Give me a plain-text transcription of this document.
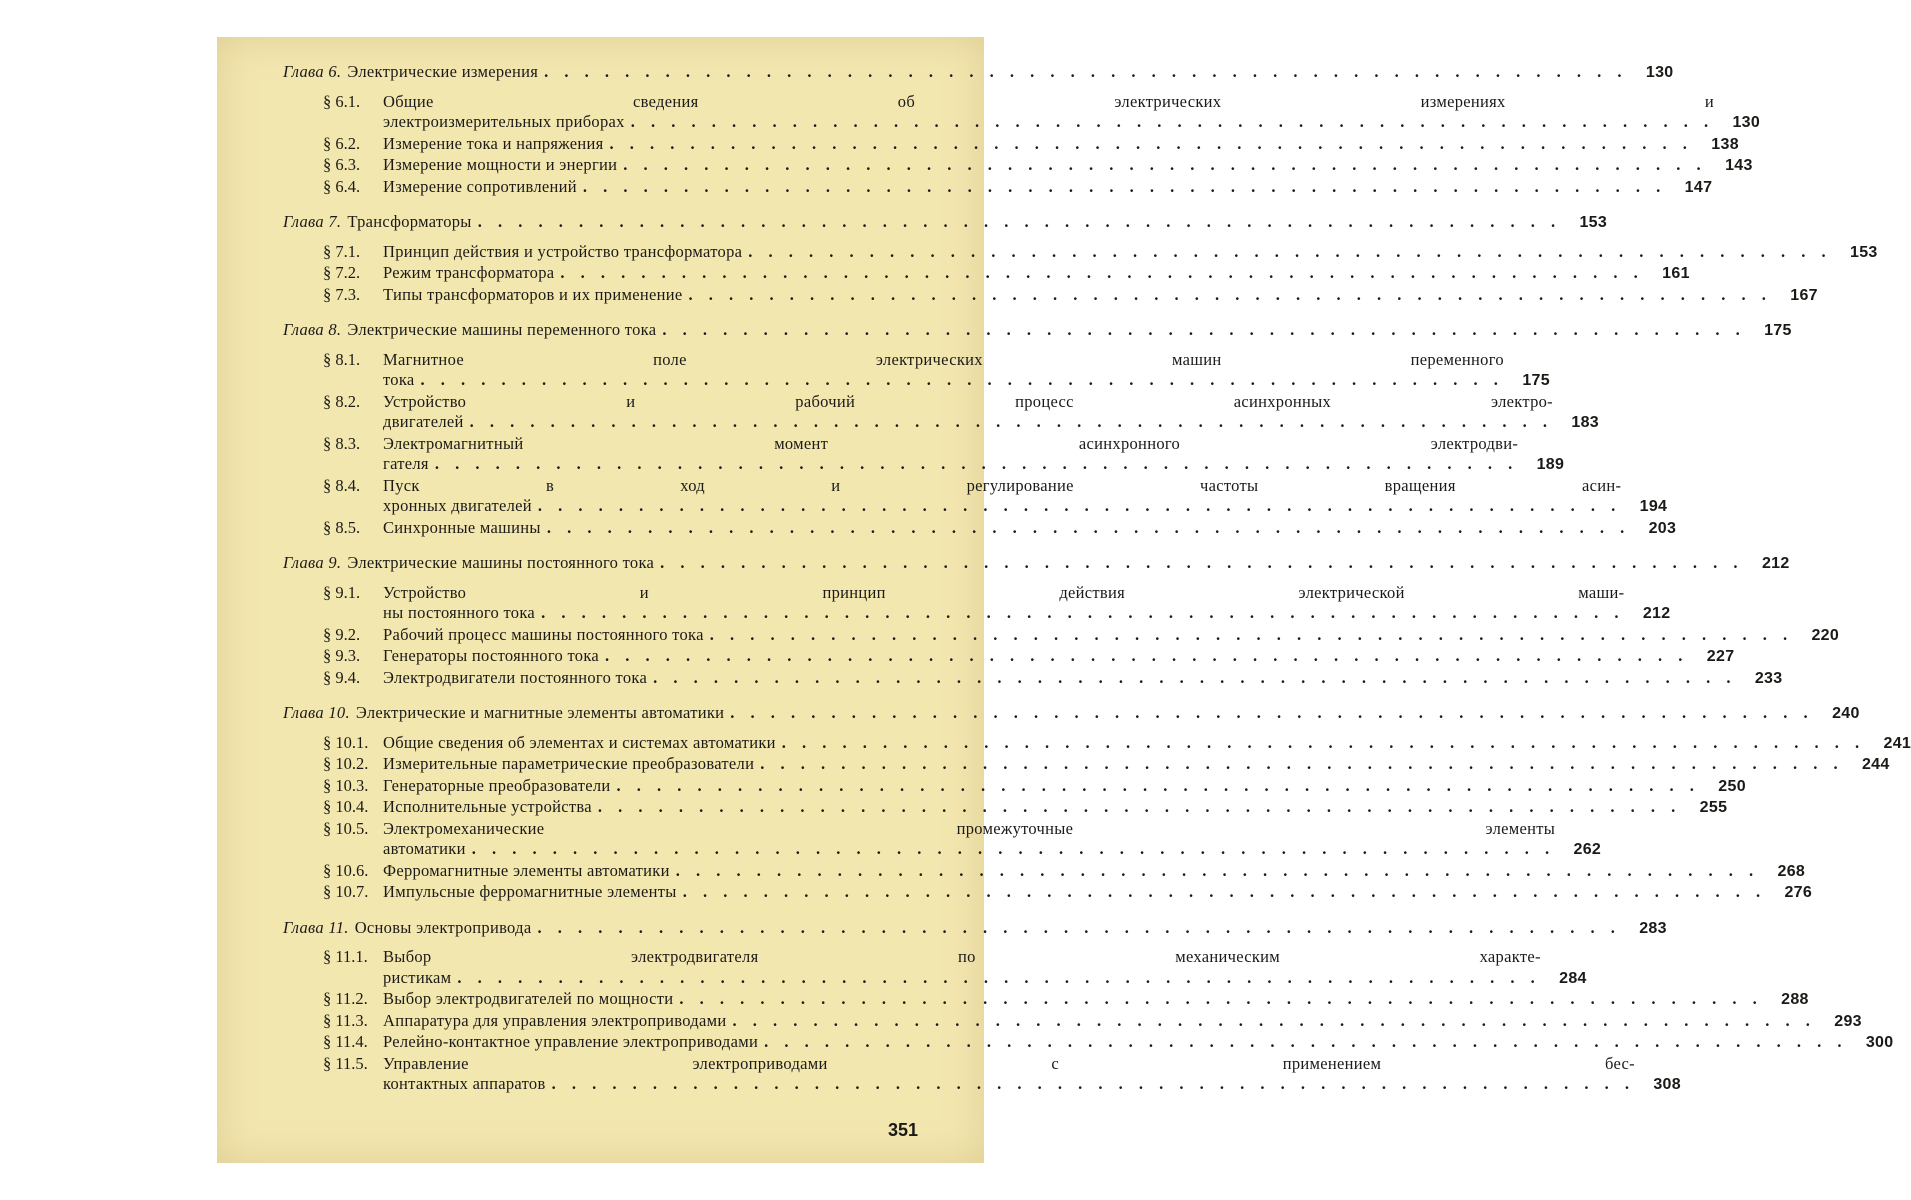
Глава 6. Электрические измерения . . .	130
§ 6.1.	Общие сведения об электрических измерениях и
электроизмерительных приборах . . .	130
§ 6.2.	Измерение тока и напряжения . . .	138
§ 6.3.	Измерение мощности и энергии . . .	143
§ 6.4.	Измерение сопротивлений . . .	147
Глава 7. Трансформаторы . . .	153
§ 7.1.	Принцип действия и устройство трансформатора . . .	153
§ 7.2.	Режим трансформатора . . .	161
§ 7.3.	Типы трансформаторов и их применение . . .	167
Глава 8. Электрические машины переменного тока . . .	175
§ 8.1.	Магнитное поле электрических машин переменного
тока . . .	175
§ 8.2.	Устройство и рабочий процесс асинхронных электро-
двигателей . . .	183
§ 8.3.	Электромагнитный момент асинхронного электродви-
гателя . . .	189
§ 8.4.	Пуск в ход и регулирование частоты вращения асин-
хронных двигателей . . .	194
§ 8.5.	Синхронные машины . . .	203
Глава 9. Электрические машины постоянного тока . . .	212
§ 9.1.	Устройство и принцип действия электрической маши-
ны постоянного тока . . .	212
§ 9.2.	Рабочий процесс машины постоянного тока . . .	220
§ 9.3.	Генераторы постоянного тока . . .	227
§ 9.4.	Электродвигатели постоянного тока . . .	233
Глава 10. Электрические и магнитные элементы автоматики . . .	240
§ 10.1. Общие сведения об элементах и системах автоматики . . .	241
§ 10.2. Измерительные параметрические преобразователи . . .	244
§ 10.3. Генераторные преобразователи . . .	250
§ 10.4. Исполнительные устройства . . .	255
§ 10.5. Электромеханические промежуточные элементы
автоматики . . .	262
§ 10.6. Ферромагнитные элементы автоматики . . .	268
§ 10.7. Импульсные ферромагнитные элементы . . .	276
Глава 11. Основы электропривода . . .	283
§ 11.1. Выбор электродвигателя по механическим характе-
ристикам . . .	284
§ 11.2. Выбор электродвигателей по мощности . . .	288
§ 11.3. Аппаратура для управления электроприводами . . .	293
§ 11.4. Релейно-контактное управление электроприводами . . .	300
§ 11.5. Управление электроприводами с применением бес-
контактных аппаратов . . .	308
351
